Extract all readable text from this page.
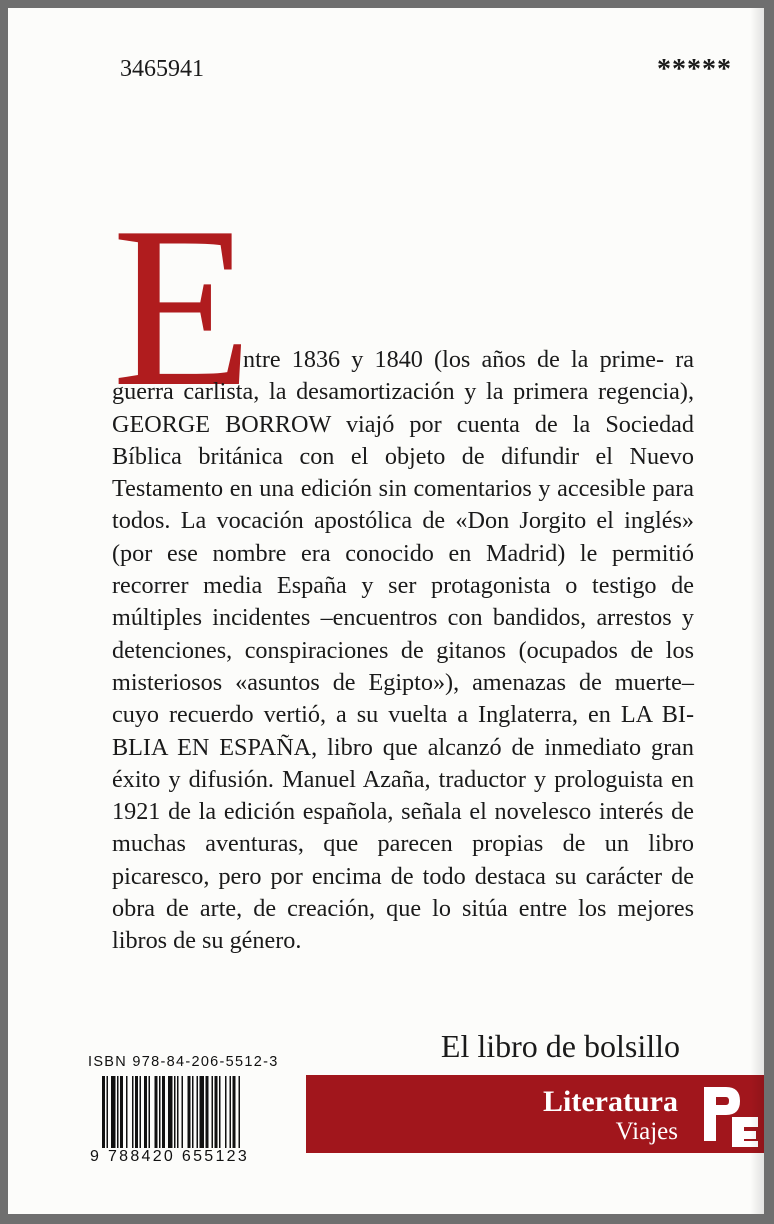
3465941	*****
E

ntre 1836 y 1840 (los años de la prime- ra guerra carlista, la desamortización y la primera regencia), GEORGE BORROW viajó por cuenta de la Sociedad Bíblica británica con el objeto de difundir el Nuevo Testamento en una edición sin comentarios y accesible para todos. La vocación apostólica de «Don Jorgito el inglés» (por ese nombre era conocido en Madrid) le permitió recorrer media España y ser protagonista o testigo de múltiples incidentes –encuentros con bandidos, arrestos y detenciones, conspiraciones de gitanos (ocupados de los misteriosos «asuntos de Egipto»), amenazas de muerte– cuyo recuerdo vertió, a su vuelta a Inglaterra, en LA BIBLIA EN ESPAÑA, libro que alcanzó de inmediato gran éxito y difusión. Manuel Azaña, traductor y prologuista en 1921 de la edición española, señala el novelesco interés de muchas aventuras, que parecen propias de un libro picaresco, pero por encima de todo destaca su carácter de obra de arte, de creación, que lo sitúa entre los mejores libros de su género.

El libro de bolsillo
ISBN 978-84-206-5512-3
9 788420 655123
Literatura
Viajes
